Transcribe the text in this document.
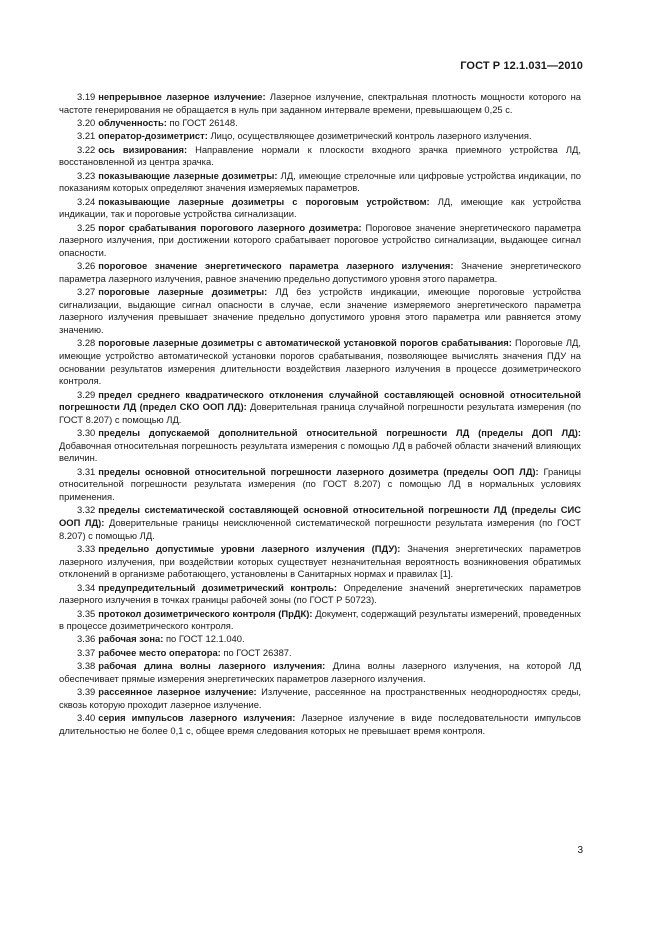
ГОСТ Р 12.1.031—2010

3.19 непрерывное лазерное излучение: Лазерное излучение, спектральная плотность мощности которого на частоте генерирования не обращается в нуль при заданном интервале времени, превышающем 0,25 с.

3.20 облученность: по ГОСТ 26148.

3.21 оператор-дозиметрист: Лицо, осуществляющее дозиметрический контроль лазерного излучения.

3.22 ось визирования: Направление нормали к плоскости входного зрачка приемного устройства ЛД, восстановленной из центра зрачка.

3.23 показывающие лазерные дозиметры: ЛД, имеющие стрелочные или цифровые устройства индикации, по показаниям которых определяют значения измеряемых параметров.

3.24 показывающие лазерные дозиметры с пороговым устройством: ЛД, имеющие как устройства индикации, так и пороговые устройства сигнализации.

3.25 порог срабатывания порогового лазерного дозиметра: Пороговое значение энергетического параметра лазерного излучения, при достижении которого срабатывает пороговое устройство сигнализации, выдающее сигнал опасности.

3.26 пороговое значение энергетического параметра лазерного излучения: Значение энергетического параметра лазерного излучения, равное значению предельно допустимого уровня этого параметра.

3.27 пороговые лазерные дозиметры: ЛД без устройств индикации, имеющие пороговые устройства сигнализации, выдающие сигнал опасности в случае, если значение измеряемого энергетического параметра лазерного излучения превышает значение предельно допустимого уровня этого параметра или равняется этому значению.

3.28 пороговые лазерные дозиметры с автоматической установкой порогов срабатывания: Пороговые ЛД, имеющие устройство автоматической установки порогов срабатывания, позволяющее вычислять значения ПДУ на основании результатов измерения длительности воздействия лазерного излучения в процессе дозиметрического контроля.

3.29 предел среднего квадратического отклонения случайной составляющей основной относительной погрешности ЛД (предел СКО ООП ЛД): Доверительная граница случайной погрешности результата измерения (по ГОСТ 8.207) с помощью ЛД.

3.30 пределы допускаемой дополнительной относительной погрешности ЛД (пределы ДОП ЛД): Добавочная относительная погрешность результата измерения с помощью ЛД в рабочей области значений влияющих величин.

3.31 пределы основной относительной погрешности лазерного дозиметра (пределы ООП ЛД): Границы относительной погрешности результата измерения (по ГОСТ 8.207) с помощью ЛД в нормальных условиях применения.

3.32 пределы систематической составляющей основной относительной погрешности ЛД (пределы СИС ООП ЛД): Доверительные границы неисключенной систематической погрешности результата измерения (по ГОСТ 8.207) с помощью ЛД.

3.33 предельно допустимые уровни лазерного излучения (ПДУ): Значения энергетических параметров лазерного излучения, при воздействии которых существует незначительная вероятность возникновения обратимых отклонений в организме работающего, установлены в Санитарных нормах и правилах [1].

3.34 предупредительный дозиметрический контроль: Определение значений энергетических параметров лазерного излучения в точках границы рабочей зоны (по ГОСТ Р 50723).

3.35 протокол дозиметрического контроля (ПрДК): Документ, содержащий результаты измерений, проведенных в процессе дозиметрического контроля.

3.36 рабочая зона: по ГОСТ 12.1.040.

3.37 рабочее место оператора: по ГОСТ 26387.

3.38 рабочая длина волны лазерного излучения: Длина волны лазерного излучения, на которой ЛД обеспечивает прямые измерения энергетических параметров лазерного излучения.

3.39 рассеянное лазерное излучение: Излучение, рассеянное на пространственных неоднородностях среды, сквозь которую проходит лазерное излучение.

3.40 серия импульсов лазерного излучения: Лазерное излучение в виде последовательности импульсов длительностью не более 0,1 с, общее время следования которых не превышает время контроля.

3
